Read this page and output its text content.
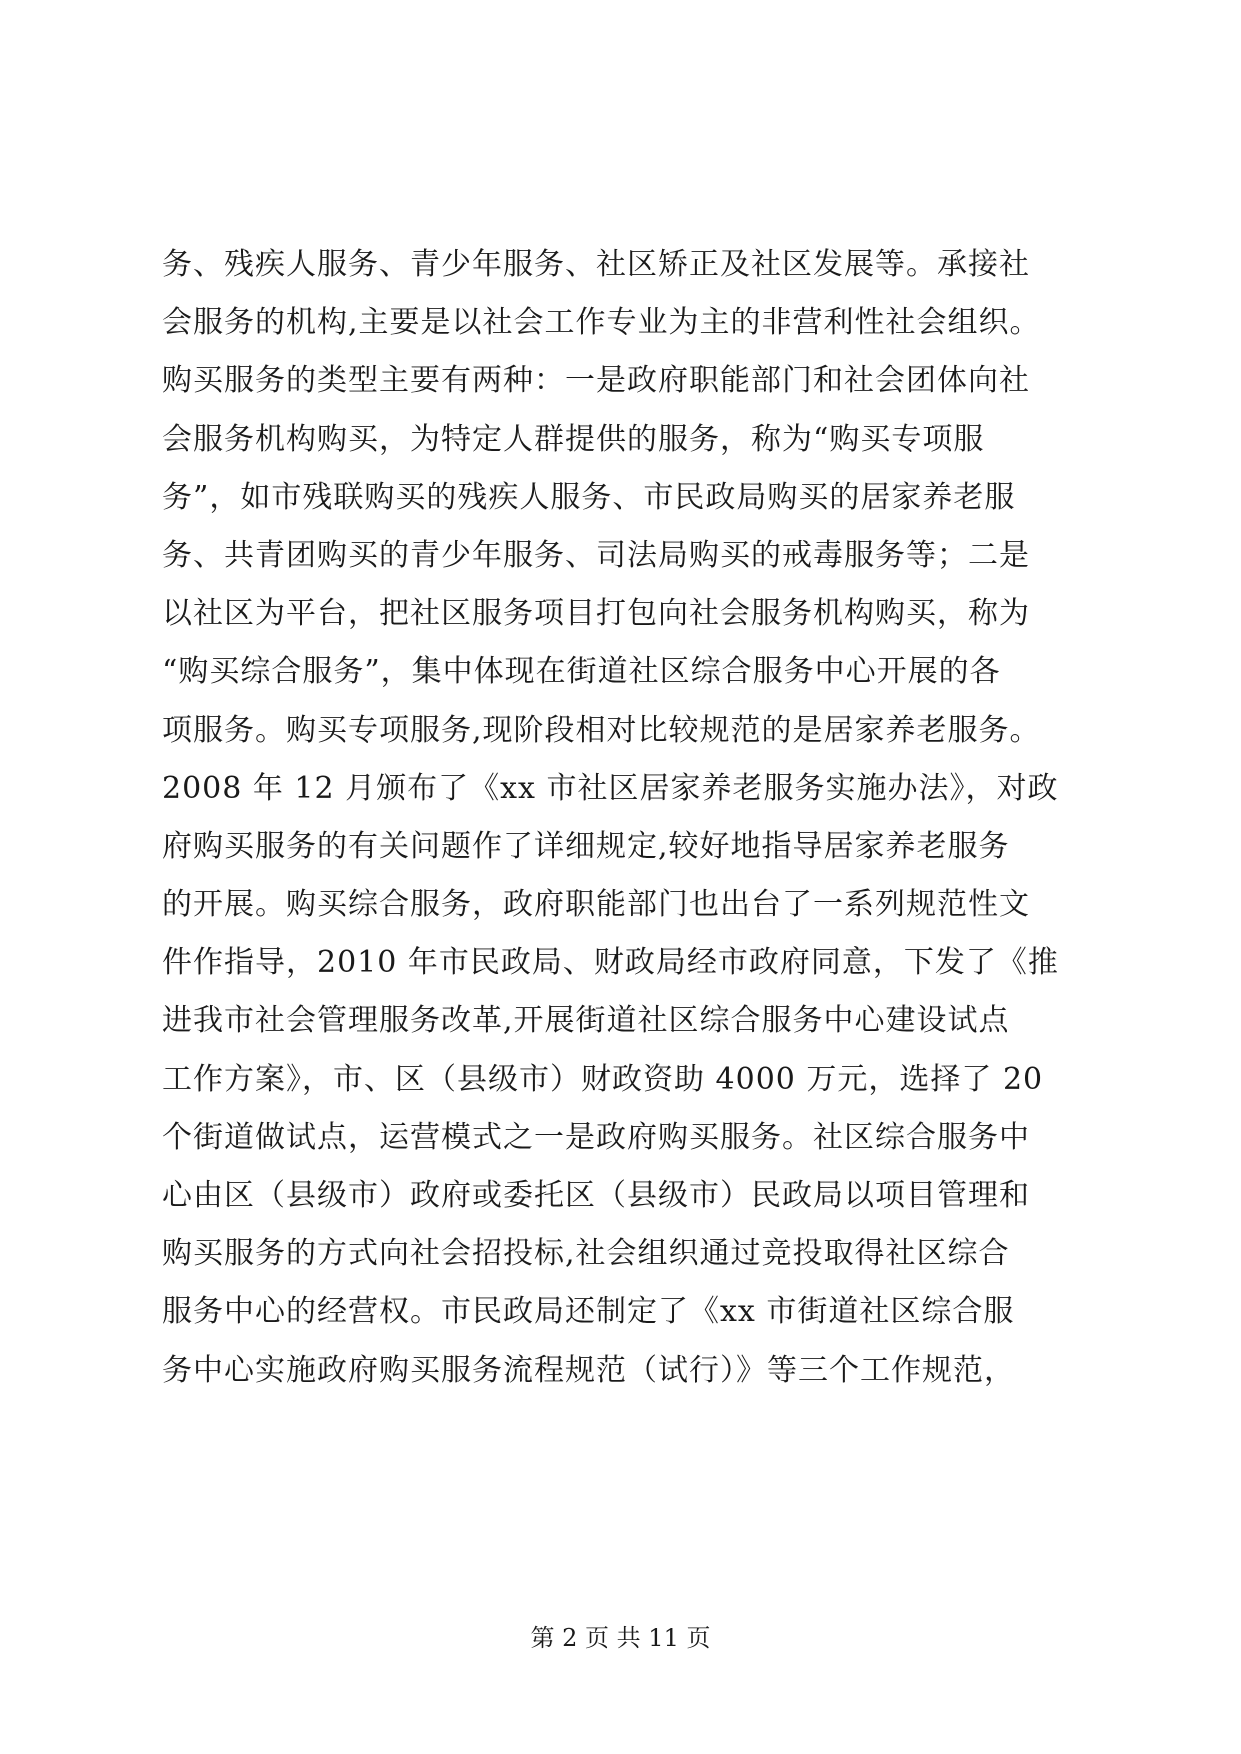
务、残疾人服务、青少年服务、社区矫正及社区发展等。承接社
会服务的机构,主要是以社会工作专业为主的非营利性社会组织。
购买服务的类型主要有两种：一是政府职能部门和社会团体向社
会服务机构购买，为特定人群提供的服务，称为“购买专项服
务”，如市残联购买的残疾人服务、市民政局购买的居家养老服
务、共青团购买的青少年服务、司法局购买的戒毒服务等；二是
以社区为平台，把社区服务项目打包向社会服务机构购买，称为
“购买综合服务”，集中体现在街道社区综合服务中心开展的各
项服务。购买专项服务,现阶段相对比较规范的是居家养老服务。
2008 年 12 月颁布了《xx 市社区居家养老服务实施办法》，对政
府购买服务的有关问题作了详细规定,较好地指导居家养老服务
的开展。购买综合服务，政府职能部门也出台了一系列规范性文
件作指导，2010 年市民政局、财政局经市政府同意，下发了《推
进我市社会管理服务改革,开展街道社区综合服务中心建设试点
工作方案》，市、区（县级市）财政资助 4000 万元，选择了 20
个街道做试点，运营模式之一是政府购买服务。社区综合服务中
心由区（县级市）政府或委托区（县级市）民政局以项目管理和
购买服务的方式向社会招投标,社会组织通过竞投取得社区综合
服务中心的经营权。市民政局还制定了《xx 市街道社区综合服
务中心实施政府购买服务流程规范（试行）》等三个工作规范，
第 2 页 共 11 页
